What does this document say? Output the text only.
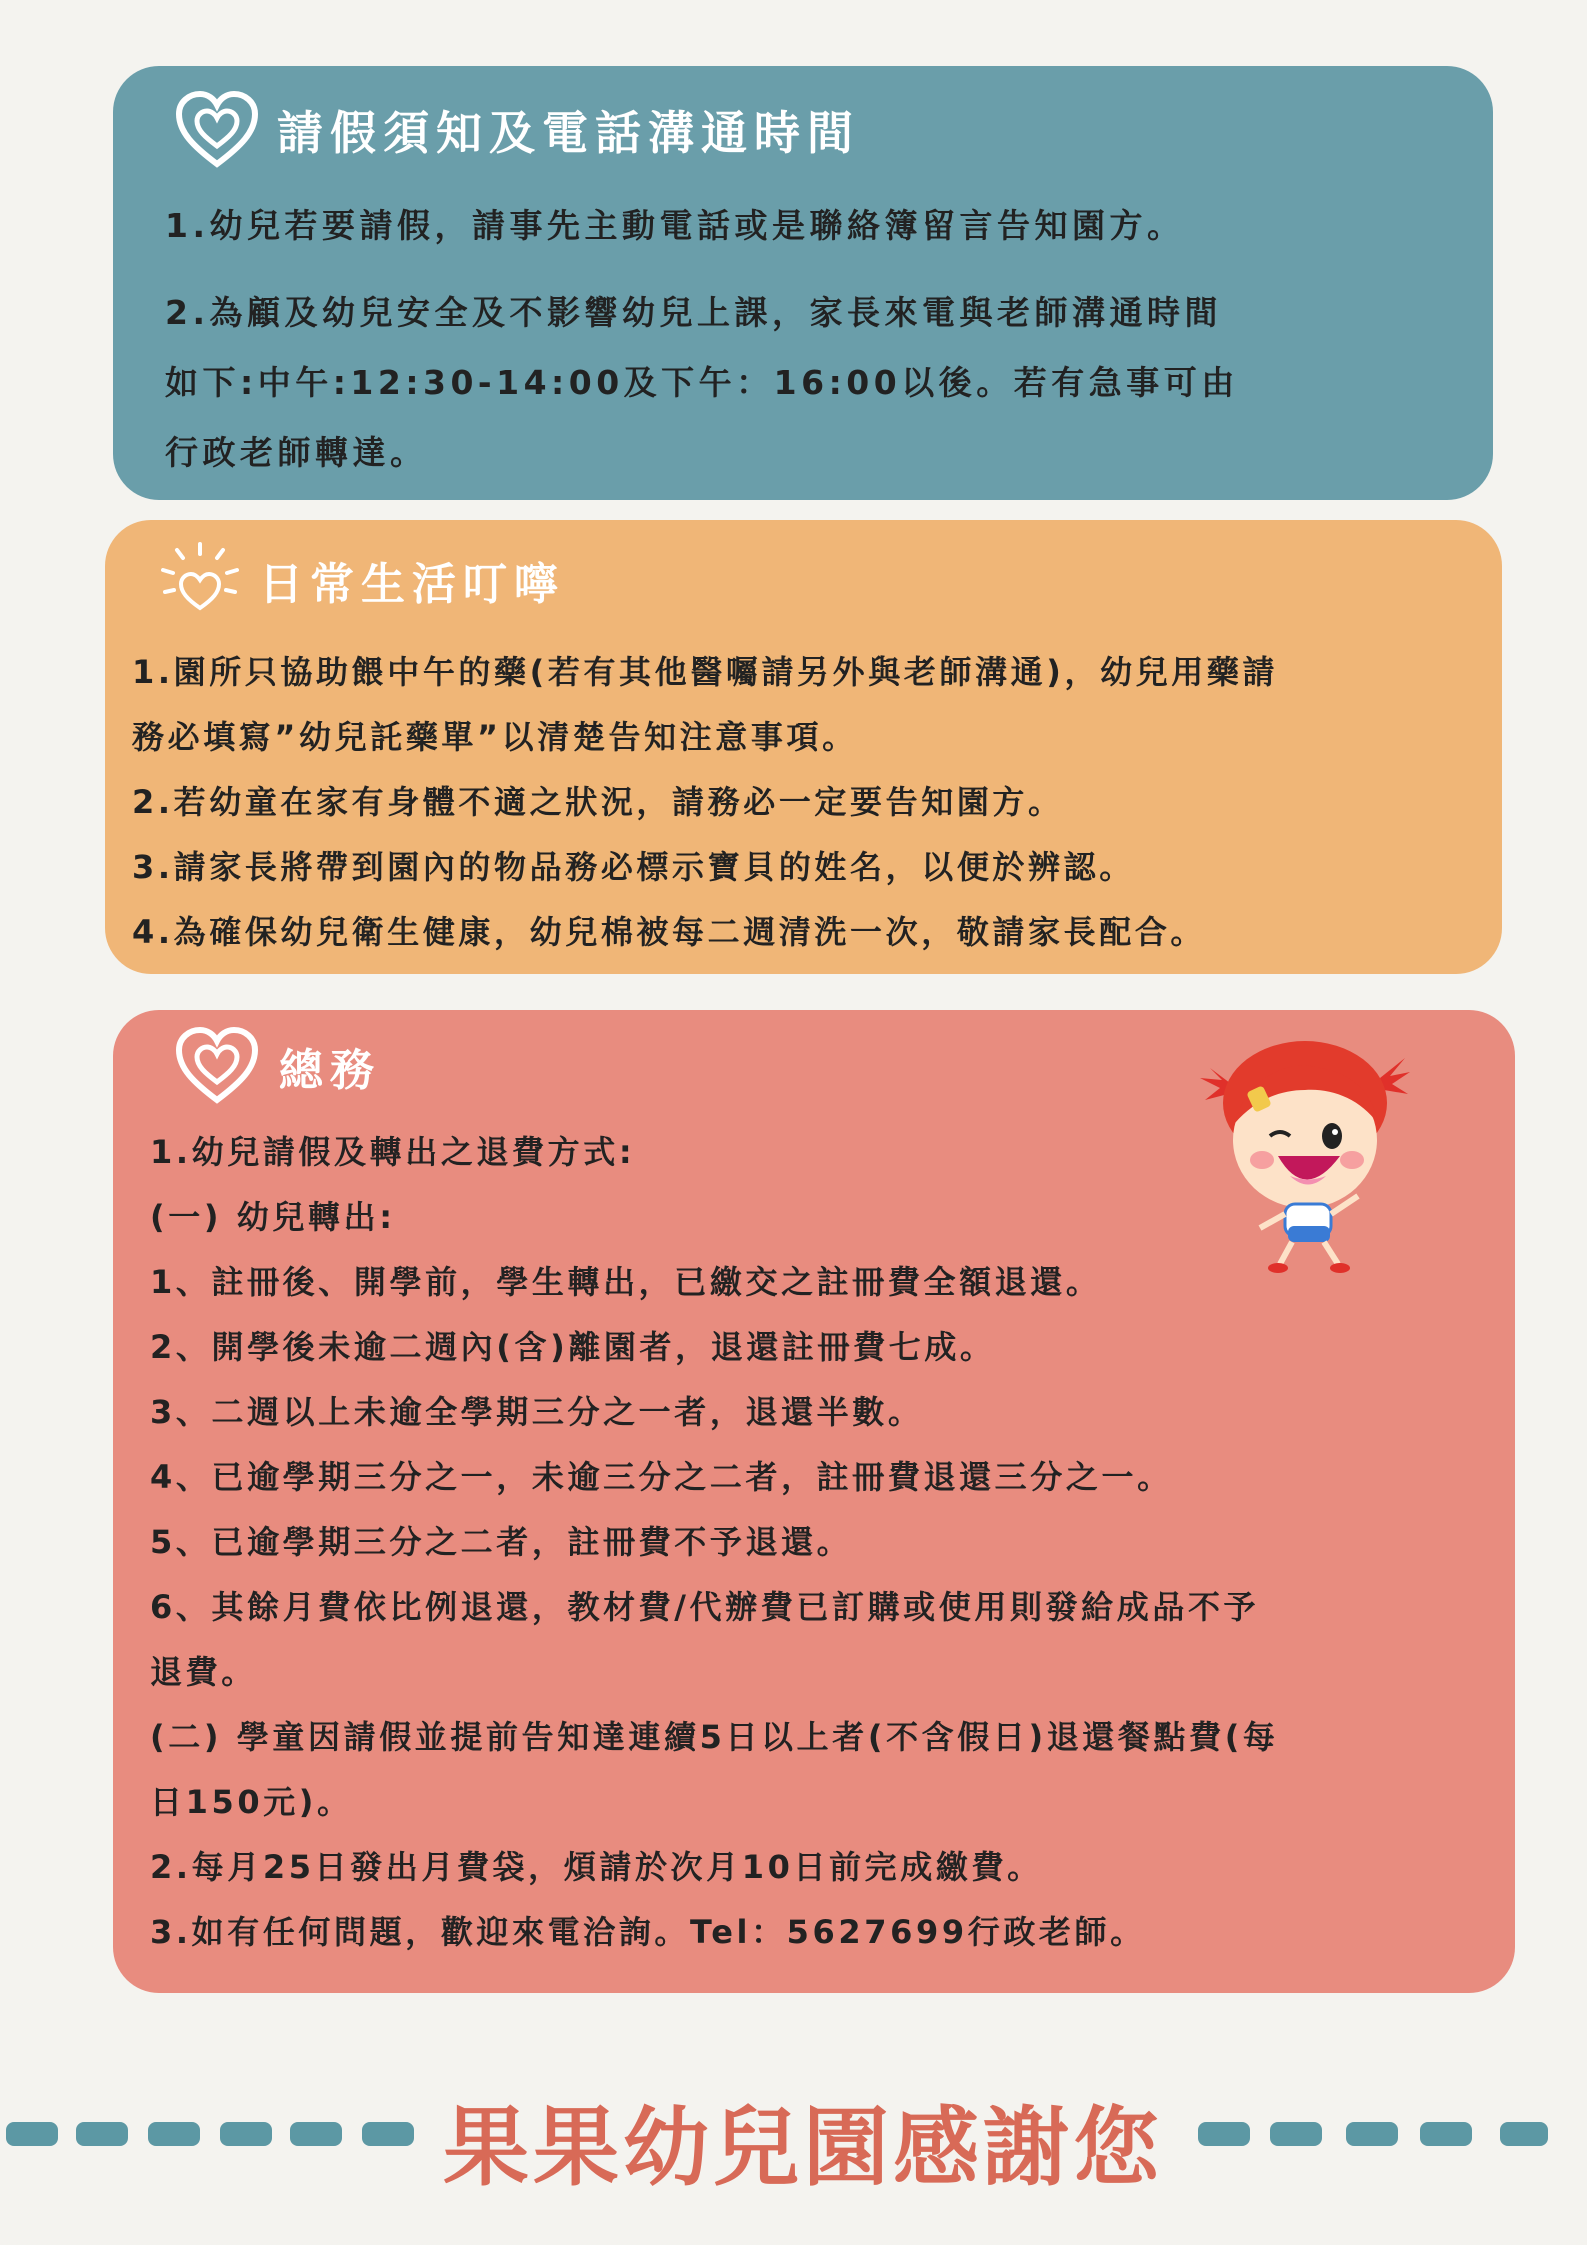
請假須知及電話溝通時間
1.幼兒若要請假，請事先主動電話或是聯絡簿留言告知園方。
2.為顧及幼兒安全及不影響幼兒上課，家長來電與老師溝通時間
如下:中午:12:30-14:00及下午：16:00以後。若有急事可由
行政老師轉達。
日常生活叮嚀
1.園所只協助餵中午的藥(若有其他醫囑請另外與老師溝通)，幼兒用藥請
務必填寫”幼兒託藥單”以清楚告知注意事項。
2.若幼童在家有身體不適之狀況，請務必一定要告知園方。
3.請家長將帶到園內的物品務必標示寶貝的姓名，以便於辨認。
4.為確保幼兒衛生健康，幼兒棉被每二週清洗一次，敬請家長配合。
總務
1.幼兒請假及轉出之退費方式:
(一) 幼兒轉出:
1、註冊後、開學前，學生轉出，已繳交之註冊費全額退還。
2、開學後未逾二週內(含)離園者，退還註冊費七成。
3、二週以上未逾全學期三分之一者，退還半數。
4、已逾學期三分之一，未逾三分之二者，註冊費退還三分之一。
5、已逾學期三分之二者，註冊費不予退還。
6、其餘月費依比例退還，教材費/代辦費已訂購或使用則發給成品不予
退費。
(二) 學童因請假並提前告知達連續5日以上者(不含假日)退還餐點費(每
日150元)。
2.每月25日發出月費袋，煩請於次月10日前完成繳費。
3.如有任何問題，歡迎來電洽詢。Tel：5627699行政老師。
果果幼兒園感謝您
